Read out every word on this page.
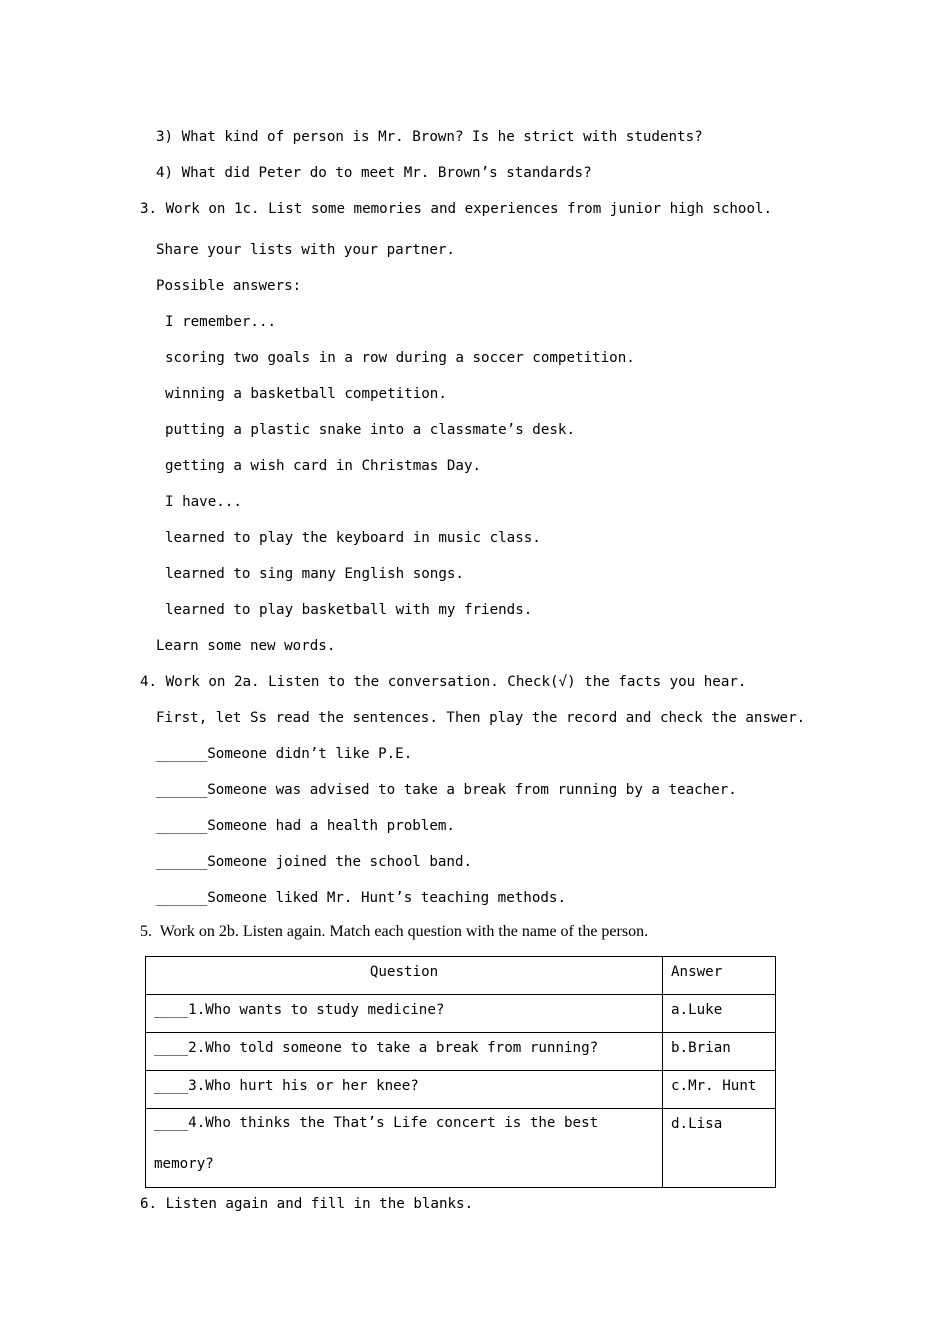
3) What kind of person is Mr. Brown? Is he strict with students?
4) What did Peter do to meet Mr. Brown’s standards?
3. Work on 1c. List some memories and experiences from junior high school.
Share your lists with your partner.
Possible answers:
I remember...
scoring two goals in a row during a soccer competition.
winning a basketball competition.
putting a plastic snake into a classmate’s desk.
getting a wish card in Christmas Day.
I have...
learned to play the keyboard in music class.
learned to sing many English songs.
learned to play basketball with my friends.
Learn some new words.
4. Work on 2a. Listen to the conversation. Check(√) the facts you hear.
First, let Ss read the sentences. Then play the record and check the answer.
______Someone didn’t like P.E.
______Someone was advised to take a break from running by a teacher.
______Someone had a health problem.
______Someone joined the school band.
______Someone liked Mr. Hunt’s teaching methods.
5.  Work on 2b. Listen again. Match each question with the name of the person.
Question	Answer
____1.Who wants to study medicine?	a.Luke
____2.Who told someone to take a break from running?	b.Brian
____3.Who hurt his or her knee?	c.Mr. Hunt

____4.Who thinks the That’s Life concert is the best memory?	d.Lisa
6. Listen again and fill in the blanks.
